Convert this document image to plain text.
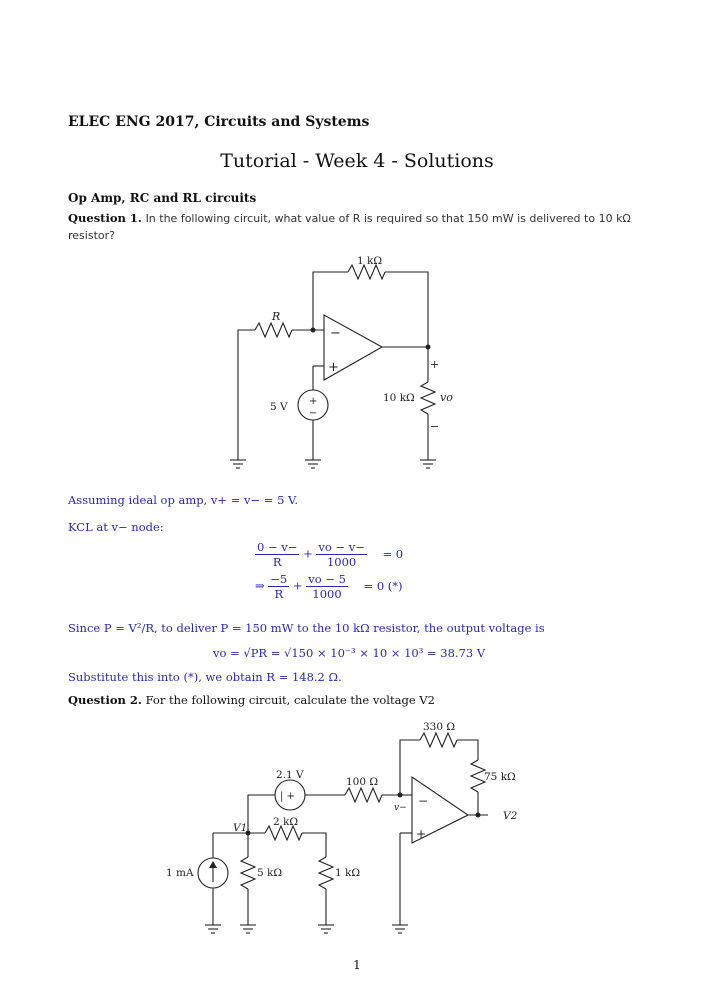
ELEC ENG 2017, Circuits and Systems
Tutorial - Week 4 - Solutions
Op Amp, RC and RL circuits
Question 1. In the following circuit, what value of R is required so that 150 mW is delivered to 10 kΩ resistor?
1 kΩ
R
−
+
+
−
5 V
10 kΩ
+
−
vo
Assuming ideal op amp, v+ = v− = 5 V.
KCL at v− node:
$\frac{0 - v-}{R} + \frac{vo - v-}{1000} = 0$
⇒ $\frac{-5}{R} + \frac{vo - 5}{1000} = 0$ (*)
Since P = V²/R, to deliver P = 150 mW to the 10 kΩ resistor, the output voltage is
vo = √PR = √150 × 10⁻³ × 10 × 10³ = 38.73 V
Substitute this into (*), we obtain R = 148.2 Ω.
Question 2. For the following circuit, calculate the voltage V2
330 Ω
75 kΩ
2.1 V
| +
100 Ω
v− −
+
V2
2 kΩ
V1
1 mA	5 kΩ	1 kΩ
1
